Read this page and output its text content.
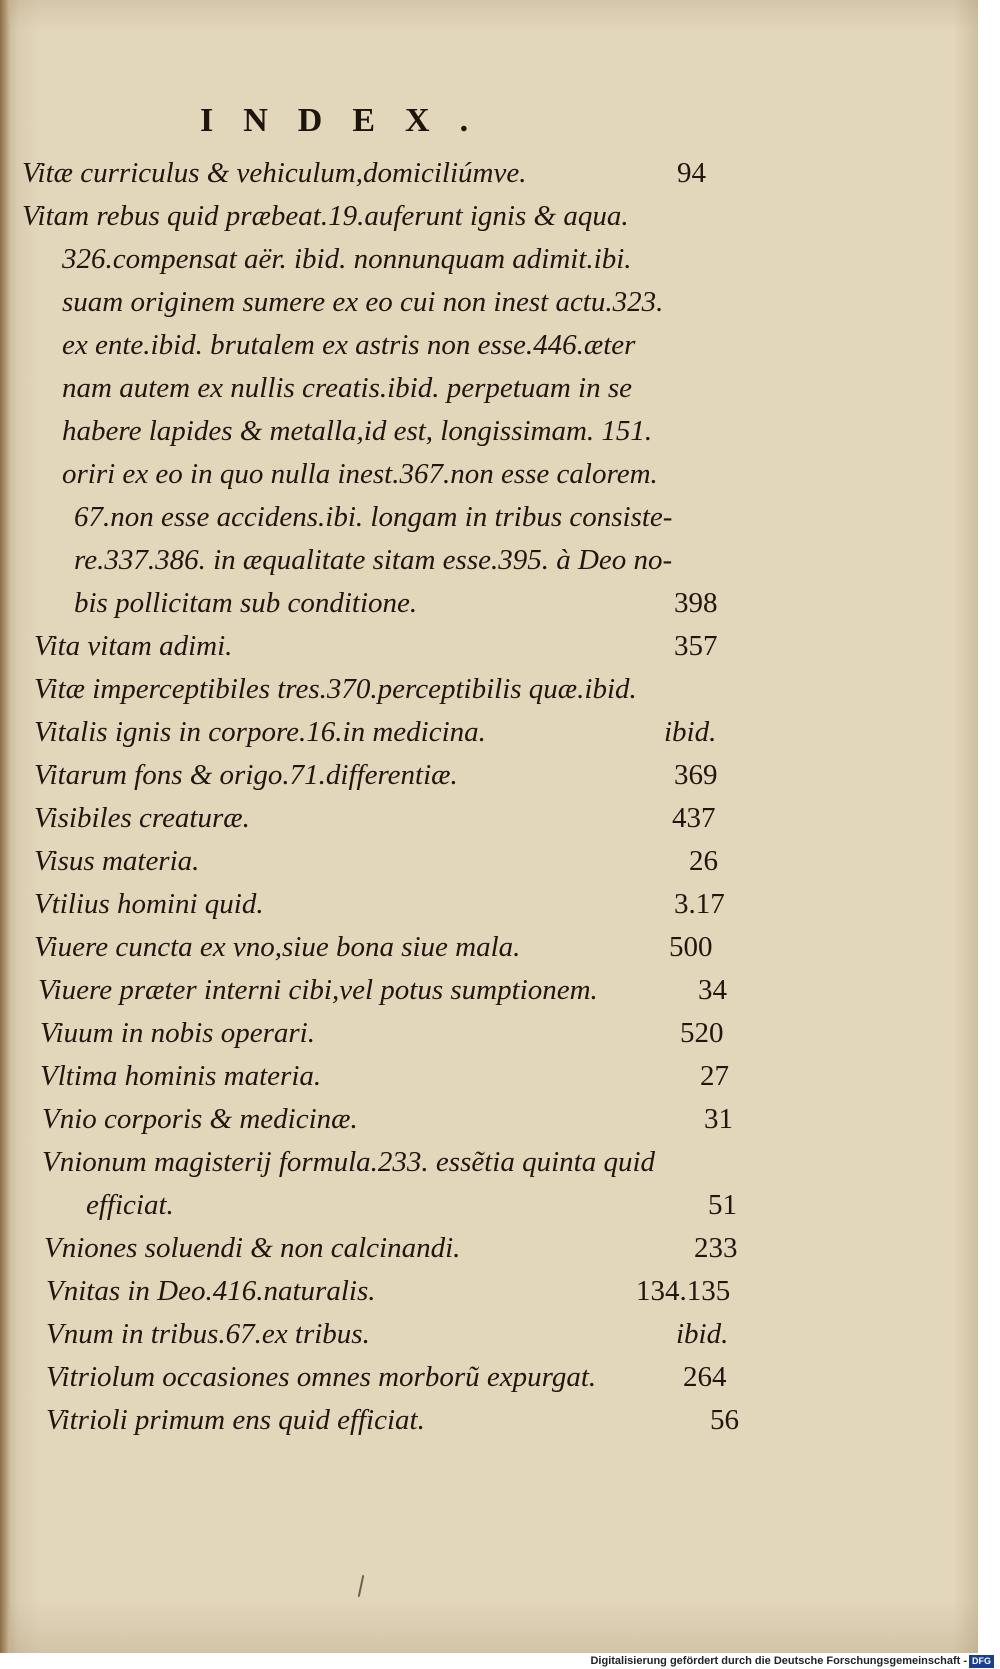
INDEX.
Vitæ curriculus & vehiculum,domiciliúmve.	94
Vitam rebus quid præbeat.19.auferunt ignis & aqua.
326.compensat aër. ibid. nonnunquam adimit.ibi.
suam originem sumere ex eo cui non inest actu.323.
ex ente.ibid. brutalem ex astris non esse.446.æter
nam autem ex nullis creatis.ibid. perpetuam in se
habere lapides & metalla,id est, longissimam. 151.
oriri ex eo in quo nulla inest.367.non esse calorem.
67.non esse accidens.ibi. longam in tribus consiste-
re.337.386. in æqualitate sitam esse.395. à Deo no-
bis pollicitam sub conditione.	398
Vita vitam adimi.	357
Vitæ imperceptibiles tres.370.perceptibilis quæ.ibid.
Vitalis ignis in corpore.16.in medicina.	ibid.
Vitarum fons & origo.71.differentiæ.	369
Visibiles creaturæ.	437
Visus materia.	26
Vtilius homini quid.	3.17
Viuere cuncta ex vno,siue bona siue mala.	500
Viuere præter interni cibi,vel potus sumptionem.	34
Viuum in nobis operari.	520
Vltima hominis materia.	27
Vnio corporis & medicinæ.	31
Vnionum magisterij formula.233. essẽtia quinta quid
efficiat.	51
Vniones soluendi & non calcinandi.	233
Vnitas in Deo.416.naturalis.	134.135
Vnum in tribus.67.ex tribus.	ibid.
Vitriolum occasiones omnes morborũ expurgat.	264
Vitrioli primum ens quid efficiat.	56
Digitalisierung gefördert durch die Deutsche Forschungsgemeinschaft - DFG
